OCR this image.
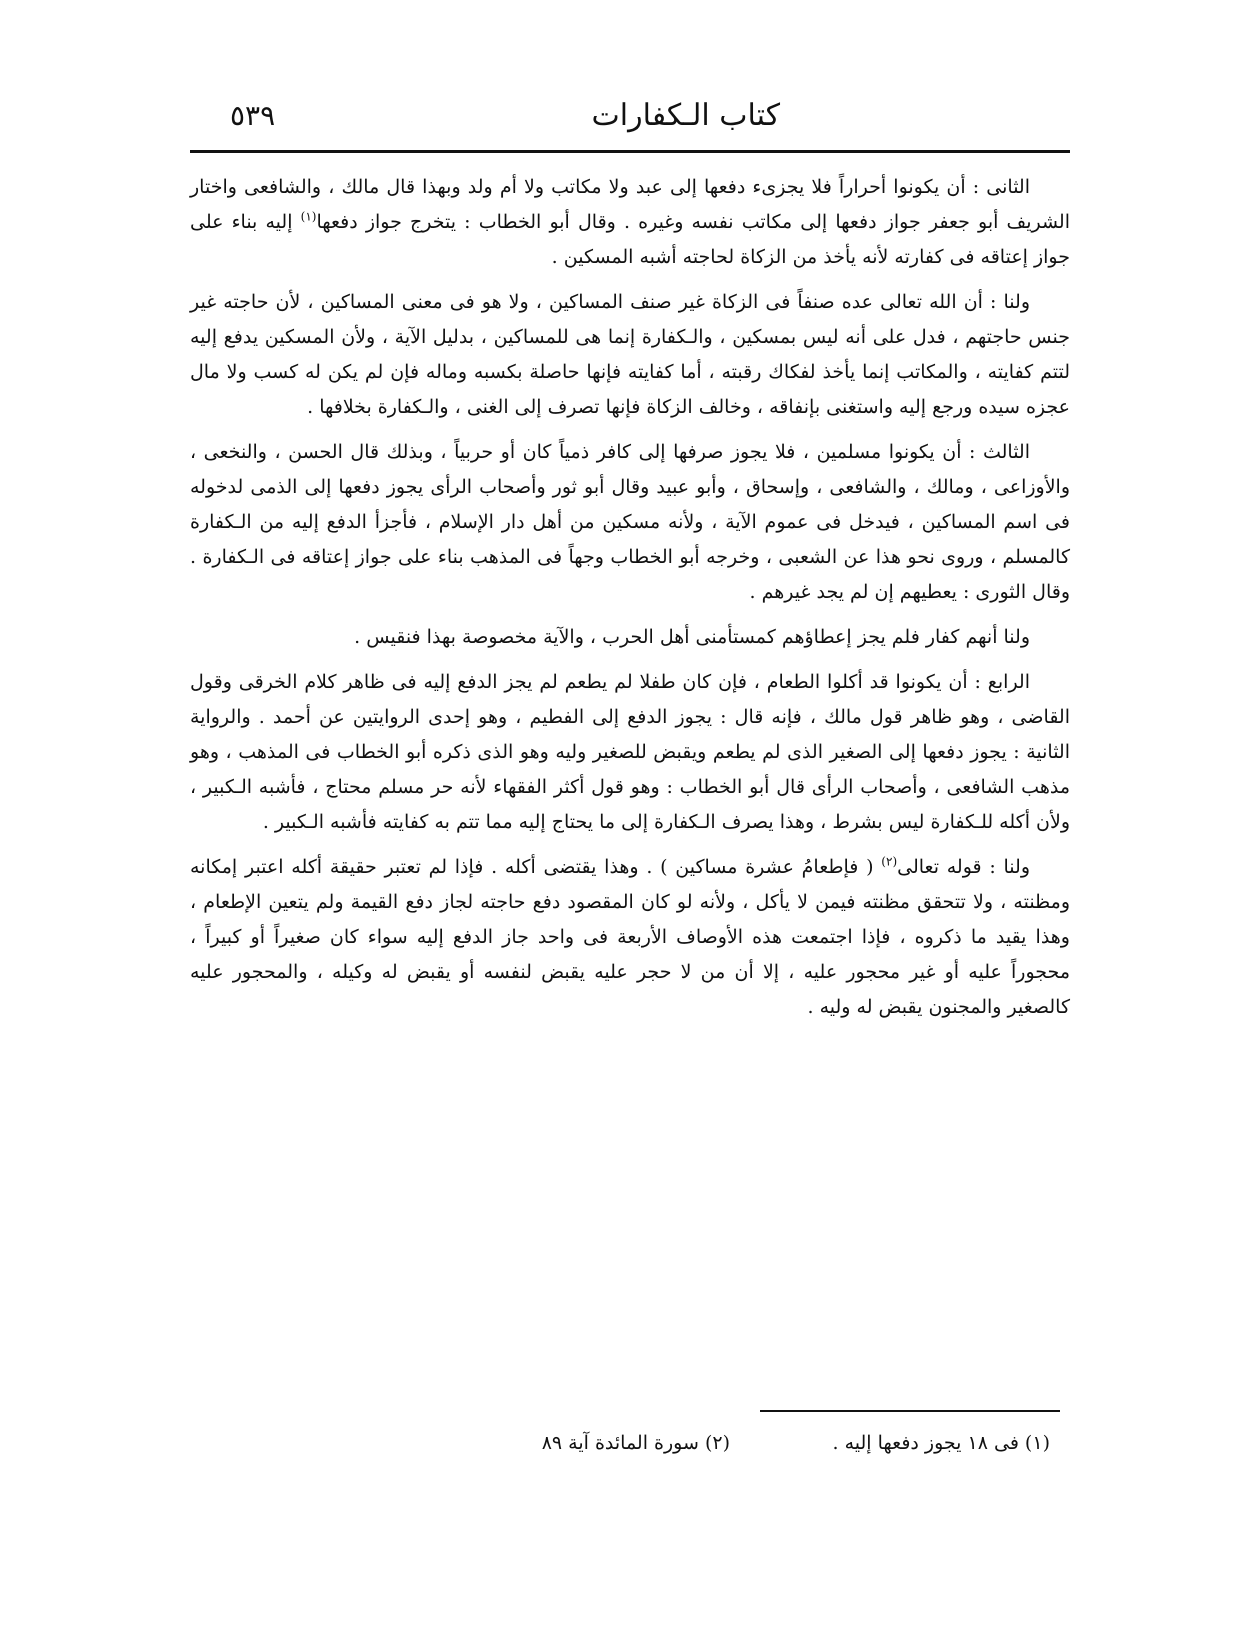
كتاب الـكفارات
٥٣٩

الثانى : أن يكونوا أحراراً فلا يجزىء دفعها إلى عبد ولا مكاتب ولا أم ولد وبهذا قال مالك ، والشافعى واختار الشريف أبو جعفر جواز دفعها إلى مكاتب نفسه وغيره . وقال أبو الخطاب : يتخرج جواز دفعها$^{(١)}$ إليه بناء على جواز إعتاقه فى كفارته لأنه يأخذ من الزكاة لحاجته أشبه المسكين .

ولنا : أن الله تعالى عده صنفاً فى الزكاة غير صنف المساكين ، ولا هو فى معنى المساكين ، لأن حاجته غير جنس حاجتهم ، فدل على أنه ليس بمسكين ، والـكفارة إنما هى للمساكين ، بدليل الآية ، ولأن المسكين يدفع إليه لتتم كفايته ، والمكاتب إنما يأخذ لفكاك رقبته ، أما كفايته فإنها حاصلة بكسبه وماله فإن لم يكن له كسب ولا مال عجزه سيده ورجع إليه واستغنى بإنفاقه ، وخالف الزكاة فإنها تصرف إلى الغنى ، والـكفارة بخلافها .

الثالث : أن يكونوا مسلمين ، فلا يجوز صرفها إلى كافر ذمياً كان أو حربياً ، وبذلك قال الحسن ، والنخعى ، والأوزاعى ، ومالك ، والشافعى ، وإسحاق ، وأبو عبيد وقال أبو ثور وأصحاب الرأى يجوز دفعها إلى الذمى لدخوله فى اسم المساكين ، فيدخل فى عموم الآية ، ولأنه مسكين من أهل دار الإسلام ، فأجزأ الدفع إليه من الـكفارة كالمسلم ، وروى نحو هذا عن الشعبى ، وخرجه أبو الخطاب وجهاً فى المذهب بناء على جواز إعتاقه فى الـكفارة . وقال الثورى : يعطيهم إن لم يجد غيرهم .

ولنا أنهم كفار فلم يجز إعطاؤهم كمستأمنى أهل الحرب ، والآية مخصوصة بهذا فنقيس .

الرابع : أن يكونوا قد أكلوا الطعام ، فإن كان طفلا لم يطعم لم يجز الدفع إليه فى ظاهر كلام الخرقى وقول القاضى ، وهو ظاهر قول مالك ، فإنه قال : يجوز الدفع إلى الفطيم ، وهو إحدى الروايتين عن أحمد . والرواية الثانية : يجوز دفعها إلى الصغير الذى لم يطعم ويقبض للصغير وليه وهو الذى ذكره أبو الخطاب فى المذهب ، وهو مذهب الشافعى ، وأصحاب الرأى قال أبو الخطاب : وهو قول أكثر الفقهاء لأنه حر مسلم محتاج ، فأشبه الـكبير ، ولأن أكله للـكفارة ليس بشرط ، وهذا يصرف الـكفارة إلى ما يحتاج إليه مما تتم به كفايته فأشبه الـكبير .

ولنا : قوله تعالى$^{(٢)}$ ( فإطعامُ عشرة مساكين ) . وهذا يقتضى أكله . فإذا لم تعتبر حقيقة أكله اعتبر إمكانه ومظنته ، ولا تتحقق مظنته فيمن لا يأكل ، ولأنه لو كان المقصود دفع حاجته لجاز دفع القيمة ولم يتعين الإطعام ، وهذا يقيد ما ذكروه ، فإذا اجتمعت هذه الأوصاف الأربعة فى واحد جاز الدفع إليه سواء كان صغيراً أو كبيراً ، محجوراً عليه أو غير محجور عليه ، إلا أن من لا حجر عليه يقبض لنفسه أو يقبض له وكيله ، والمحجور عليه كالصغير والمجنون يقبض له وليه .

(١) فى ١٨ يجوز دفعها إليه .
(٢) سورة المائدة آية ٨٩
